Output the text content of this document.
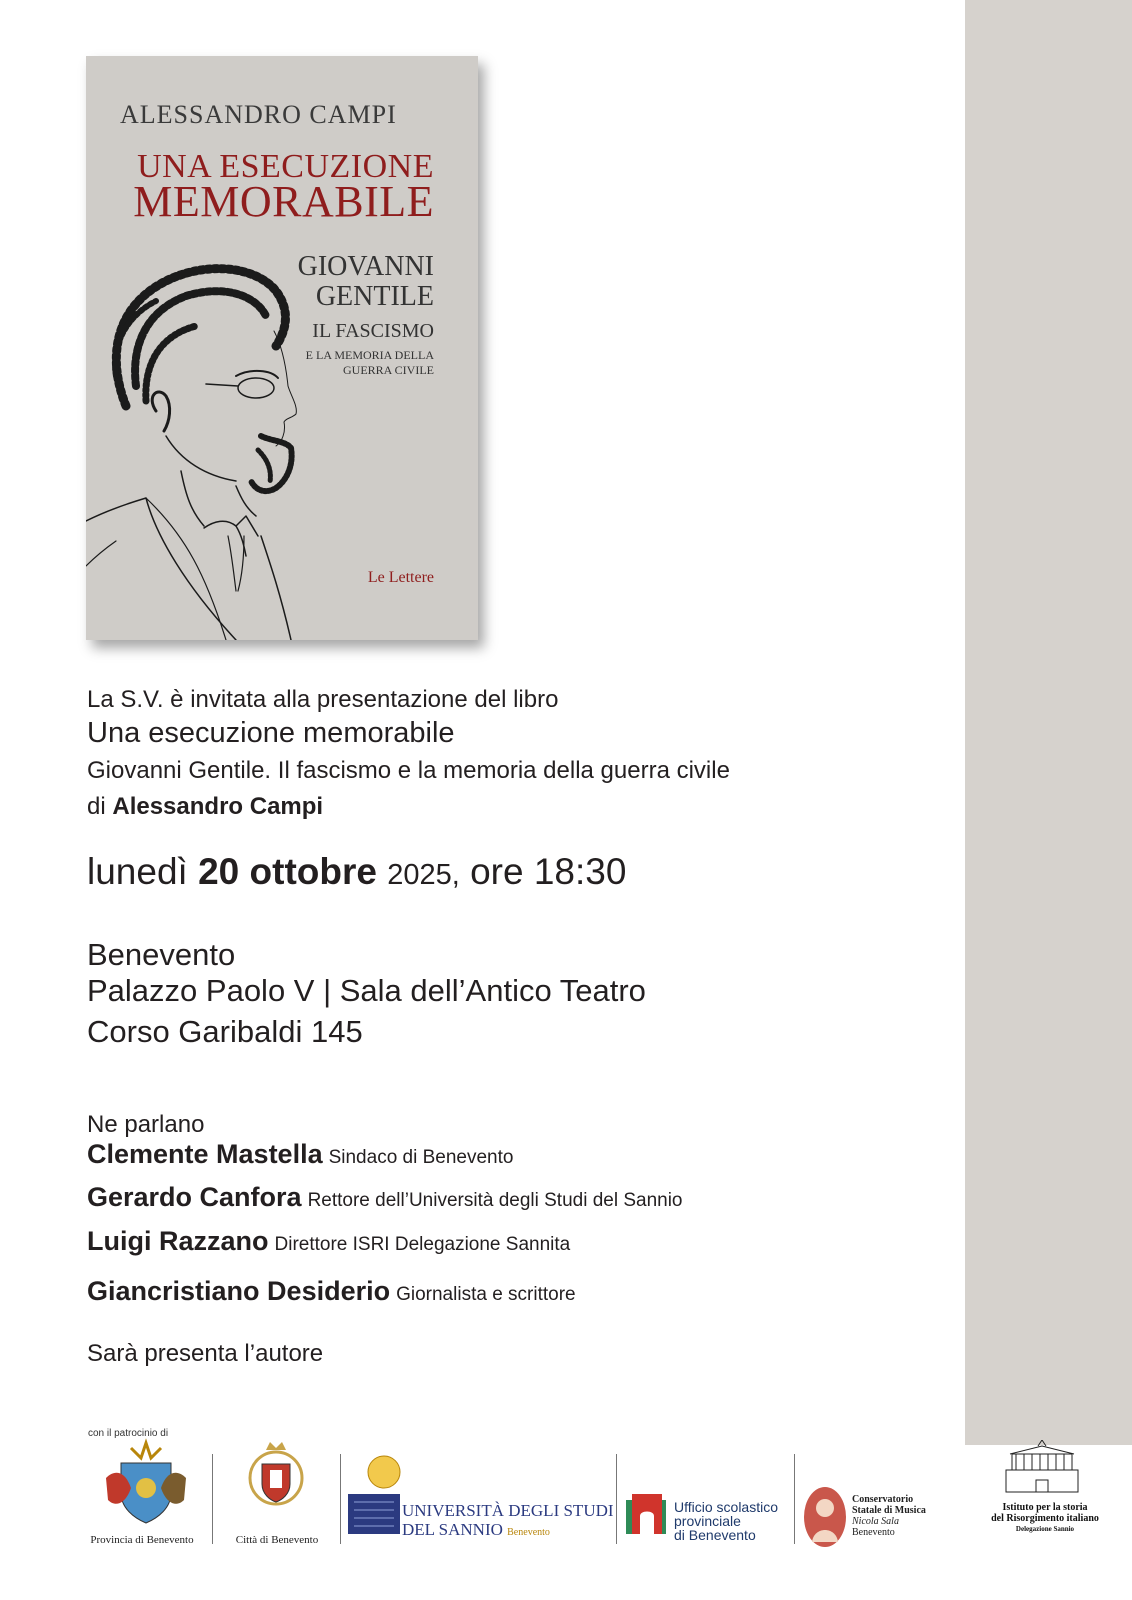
ALESSANDRO CAMPI
UNA ESECUZIONE
MEMORABILE
GIOVANNI
GENTILE
IL FASCISMO
E LA MEMORIA DELLA
GUERRA CIVILE
Le Lettere
La S.V. è invitata alla presentazione del libro
Una esecuzione memorabile
Giovanni Gentile. Il fascismo e la memoria della guerra civile
di Alessandro Campi
lunedì 20 ottobre 2025, ore 18:30
Benevento
Palazzo Paolo V | Sala dell’Antico Teatro
Corso Garibaldi 145
Ne parlano
Clemente Mastella Sindaco di Benevento
Gerardo Canfora Rettore dell’Università degli Studi del Sannio
Luigi Razzano Direttore ISRI Delegazione Sannita
Giancristiano Desiderio Giornalista e scrittore
Sarà presenta l’autore
con il patrocinio di
Provincia di Benevento	Città di Benevento
UNIVERSITÀ DEGLI STUDI
DEL SANNIO Benevento
Ufficio scolastico
provinciale
di Benevento
Conservatorio
Statale di Musica
Nicola Sala
Benevento
Istituto per la storia
del Risorgimento italiano
Delegazione Sannio
